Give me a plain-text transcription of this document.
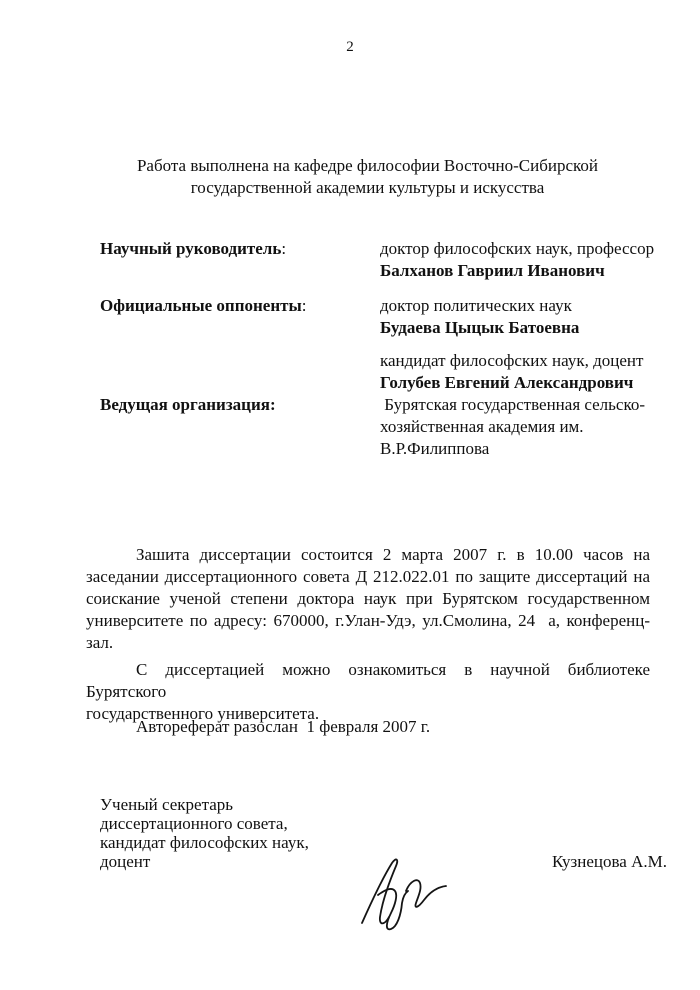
2
Работа выполнена на кафедре философии Восточно-Сибирской
государственной академии культуры и искусства
Научный руководитель:	доктор философских наук, профессор
Балханов Гавриил Иванович
Официальные оппоненты:	доктор политических наук
Будаева Цыцык Батоевна
кандидат философских наук, доцент
Голубев Евгений Александрович
Ведущая организация:	Бурятская государственная сельско-
хозяйственная академия им.
В.Р.Филиппова
Зашита диссертации состоится 2 марта 2007 г. в 10.00 часов на
заседании диссертационного совета Д 212.022.01 по защите диссертаций на
соискание ученой степени доктора наук при Бурятском государственном
университете по адресу: 670000, г.Улан-Удэ, ул.Смолина, 24  а, конференц-
зал.
С диссертацией можно ознакомиться в научной библиотеке Бурятского
государственного университета.
Автореферат разослан  1 февраля 2007 г.
Ученый секретарь
диссертационного совета,
кандидат философских наук,
доцент	Кузнецова А.М.
